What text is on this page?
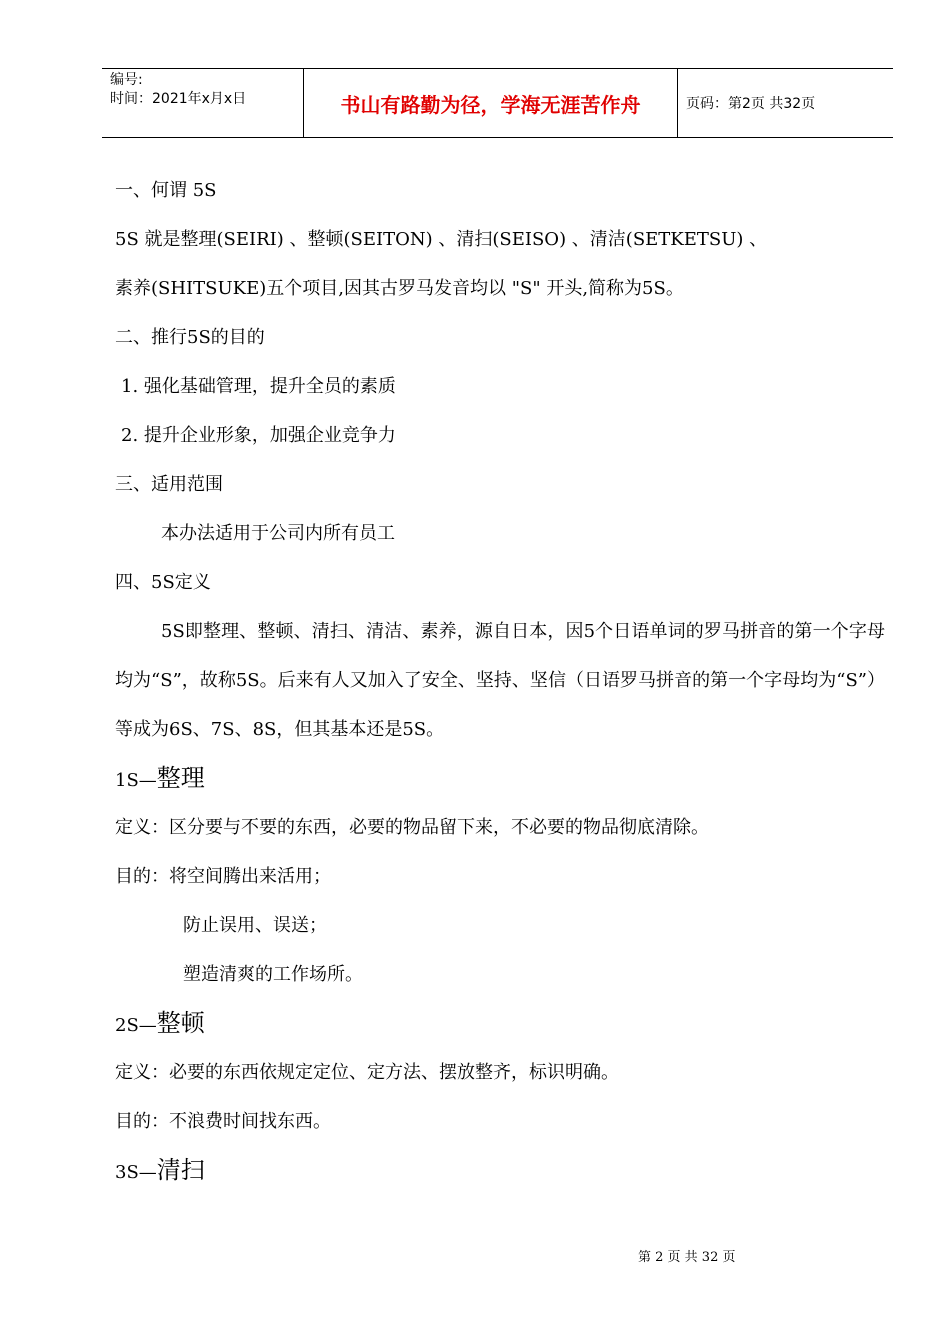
编号:
时间：2021年x月x日	书山有路勤为径，学海无涯苦作舟	页码：第2页 共32页
一、何谓 5S
5S 就是整理(SEIRI) 、整顿(SEITON) 、清扫(SEISO) 、清洁(SETKETSU) 、
素养(SHITSUKE)五个项目,因其古罗马发音均以 "S" 开头,简称为5S。
二、推行5S的目的
1. 强化基础管理，提升全员的素质
2. 提升企业形象，加强企业竞争力
三、适用范围
本办法适用于公司内所有员工
四、5S定义

5S即整理、整顿、清扫、清洁、素养，源自日本，因5个日语单词的罗马拼音的第一个字母均为“S”，故称5S。后来有人又加入了安全、坚持、坚信（日语罗马拼音的第一个字母均为“S”）等成为6S、7S、8S，但其基本还是5S。

1S—整理
定义：区分要与不要的东西，必要的物品留下来，不必要的物品彻底清除。
目的：将空间腾出来活用；
防止误用、误送；
塑造清爽的工作场所。
2S—整顿
定义：必要的东西依规定定位、定方法、摆放整齐，标识明确。
目的：不浪费时间找东西。
3S—清扫
第 2 页 共 32 页
